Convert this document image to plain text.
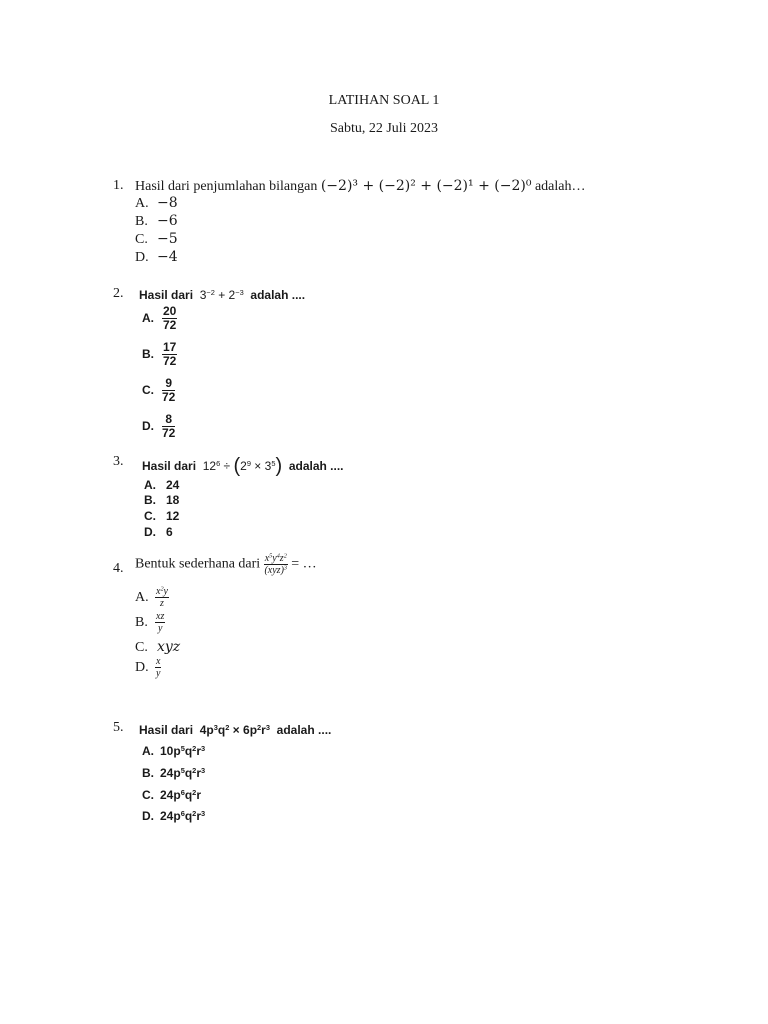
LATIHAN SOAL 1
Sabtu, 22 Juli 2023
1. Hasil dari penjumlahan bilangan (−2)³ + (−2)² + (−2)¹ + (−2)⁰ adalah…
A. −8
B. −6
C. −5
D. −4
2. Hasil dari  $3^{-2} + 2^{-3}$ adalah ....
A. $\frac{20}{72}$
B. $\frac{17}{72}$
C. $\frac{9}{72}$
D. $\frac{8}{72}$
3. Hasil dari  $12^6 \div (2^9 \times 3^5)$ adalah ....
A. 24
B. 18
C. 12
D. 6
4. Bentuk sederhana dari $\frac{x^5y^4z^2}{(xyz)^3}$ = …
A. $\frac{x^2y}{z}$
B. $\frac{xz}{y}$
C. xyz
D. $\frac{x}{y}$
5. Hasil dari  $4p^3q^2 \times 6p^2r^3$ adalah ....
A. $10p^5q^2r^3$
B. $24p^5q^2r^3$
C. $24p^6q^2r$
D. $24p^6q^2r^3$
